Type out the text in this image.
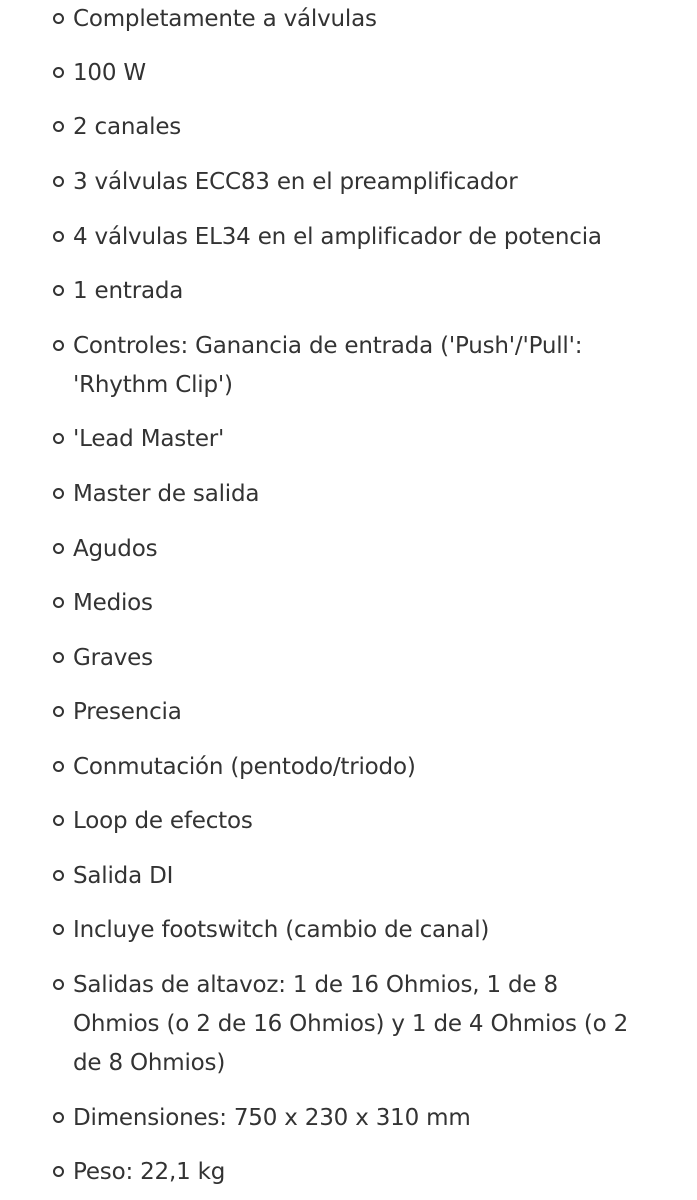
Completamente a válvulas
100 W
2 canales
3 válvulas ECC83 en el preamplificador
4 válvulas EL34 en el amplificador de potencia
1 entrada
Controles: Ganancia de entrada ('Push'/'Pull': 'Rhythm Clip')
'Lead Master'
Master de salida
Agudos
Medios
Graves
Presencia
Conmutación (pentodo/triodo)
Loop de efectos
Salida DI
Incluye footswitch (cambio de canal)
Salidas de altavoz: 1 de 16 Ohmios, 1 de 8 Ohmios (o 2 de 16 Ohmios) y 1 de 4 Ohmios (o 2 de 8 Ohmios)
Dimensiones: 750 x 230 x 310 mm
Peso: 22,1 kg
